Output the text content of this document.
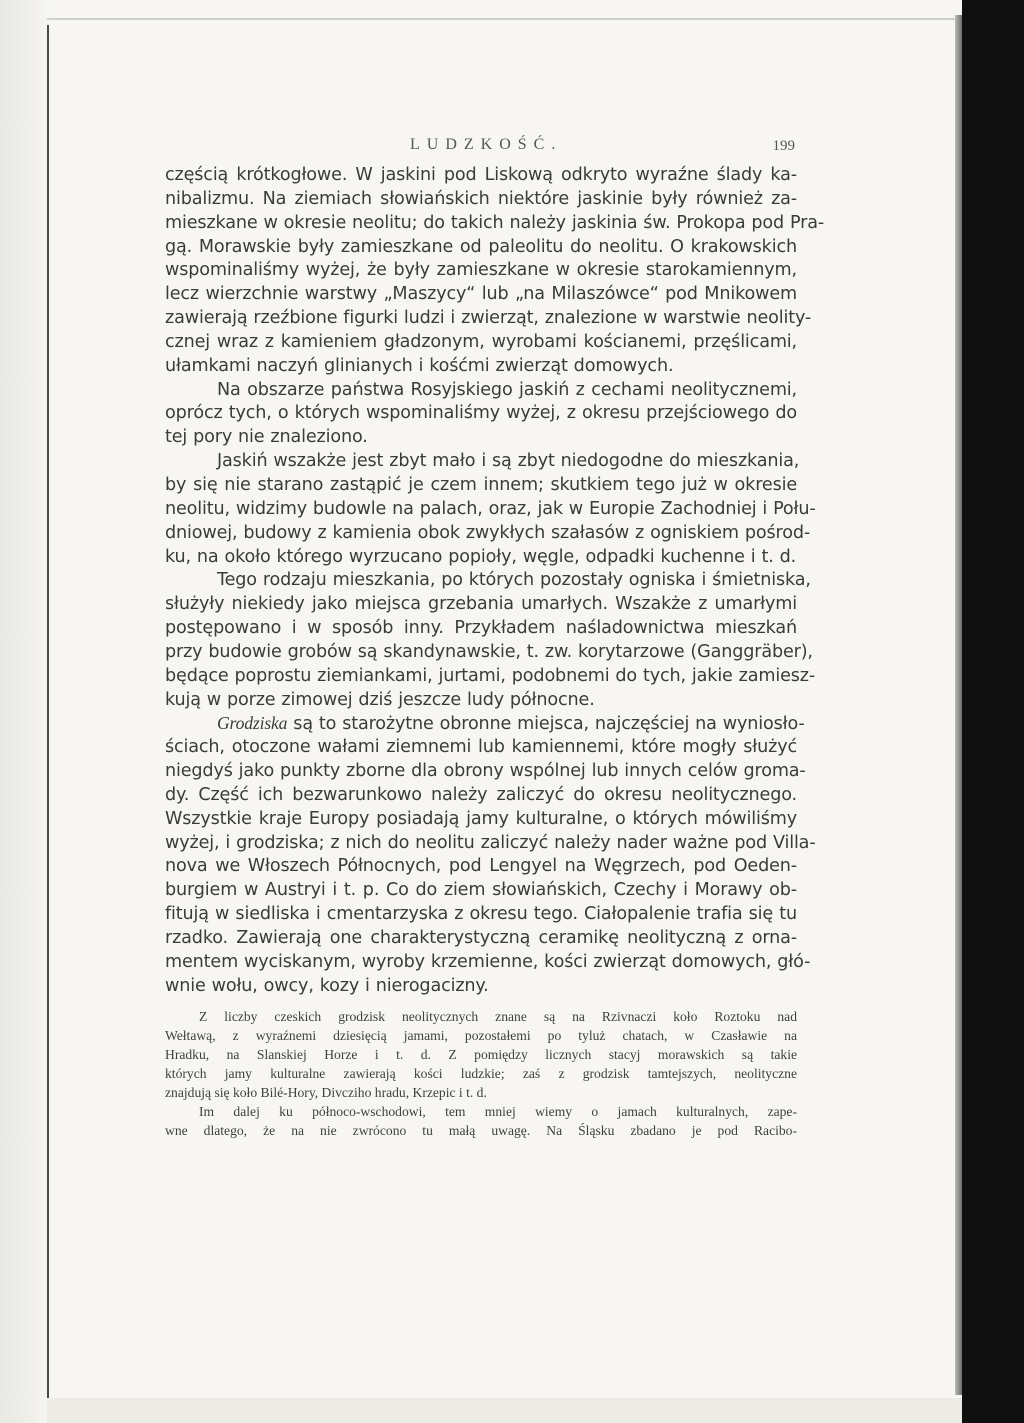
LUDZKOŚĆ.	199
częścią krótkogłowe. W jaskini pod Liskową odkryto wyraźne ślady ka-
nibalizmu. Na ziemiach słowiańskich niektóre jaskinie były również za-
mieszkane w okresie neolitu; do takich należy jaskinia św. Prokopa pod Pra-
gą. Morawskie były zamieszkane od paleolitu do neolitu. O krakowskich
wspominaliśmy wyżej, że były zamieszkane w okresie starokamiennym,
lecz wierzchnie warstwy „Maszycy“ lub „na Milaszówce“ pod Mnikowem
zawierają rzeźbione figurki ludzi i zwierząt, znalezione w warstwie neolity-
cznej wraz z kamieniem gładzonym, wyrobami kościanemi, przęślicami,
ułamkami naczyń glinianych i kośćmi zwierząt domowych.
Na obszarze państwa Rosyjskiego jaskiń z cechami neolitycznemi,
oprócz tych, o których wspominaliśmy wyżej, z okresu przejściowego do
tej pory nie znaleziono.
Jaskiń wszakże jest zbyt mało i są zbyt niedogodne do mieszkania,
by się nie starano zastąpić je czem innem; skutkiem tego już w okresie
neolitu, widzimy budowle na palach, oraz, jak w Europie Zachodniej i Połu-
dniowej, budowy z kamienia obok zwykłych szałasów z ogniskiem pośrod-
ku, na około którego wyrzucano popioły, węgle, odpadki kuchenne i t. d.
Tego rodzaju mieszkania, po których pozostały ogniska i śmietniska,
służyły niekiedy jako miejsca grzebania umarłych. Wszakże z umarłymi
postępowano i w sposób inny. Przykładem naśladownictwa mieszkań
przy budowie grobów są skandynawskie, t. zw. korytarzowe (Ganggräber),
będące poprostu ziemiankami, jurtami, podobnemi do tych, jakie zamiesz-
kują w porze zimowej dziś jeszcze ludy północne.
Grodziska są to starożytne obronne miejsca, najczęściej na wyniosło-
ściach, otoczone wałami ziemnemi lub kamiennemi, które mogły służyć
niegdyś jako punkty zborne dla obrony wspólnej lub innych celów groma-
dy. Część ich bezwarunkowo należy zaliczyć do okresu neolitycznego.
Wszystkie kraje Europy posiadają jamy kulturalne, o których mówiliśmy
wyżej, i grodziska; z nich do neolitu zaliczyć należy nader ważne pod Villa-
nova we Włoszech Północnych, pod Lengyel na Węgrzech, pod Oeden-
burgiem w Austryi i t. p. Co do ziem słowiańskich, Czechy i Morawy ob-
fitują w siedliska i cmentarzyska z okresu tego. Ciałopalenie trafia się tu
rzadko. Zawierają one charakterystyczną ceramikę neolityczną z orna-
mentem wyciskanym, wyroby krzemienne, kości zwierząt domowych, głó-
wnie wołu, owcy, kozy i nierogacizny.
Z liczby czeskich grodzisk neolitycznych znane są na Rzivnaczi koło Roztoku nad
Wełtawą, z wyraźnemi dziesięcią jamami, pozostałemi po tyluż chatach, w Czasławie na
Hradku, na Slanskiej Horze i t. d. Z pomiędzy licznych stacyj morawskich są takie
których jamy kulturalne zawierają kości ludzkie; zaś z grodzisk tamtejszych, neolityczne
znajdują się koło Bilé-Hory, Divcziho hradu, Krzepic i t. d.
Im dalej ku północo-wschodowi, tem mniej wiemy o jamach kulturalnych, zape-
wne dlatego, że na nie zwrócono tu małą uwagę. Na Śląsku zbadano je pod Racibo-
